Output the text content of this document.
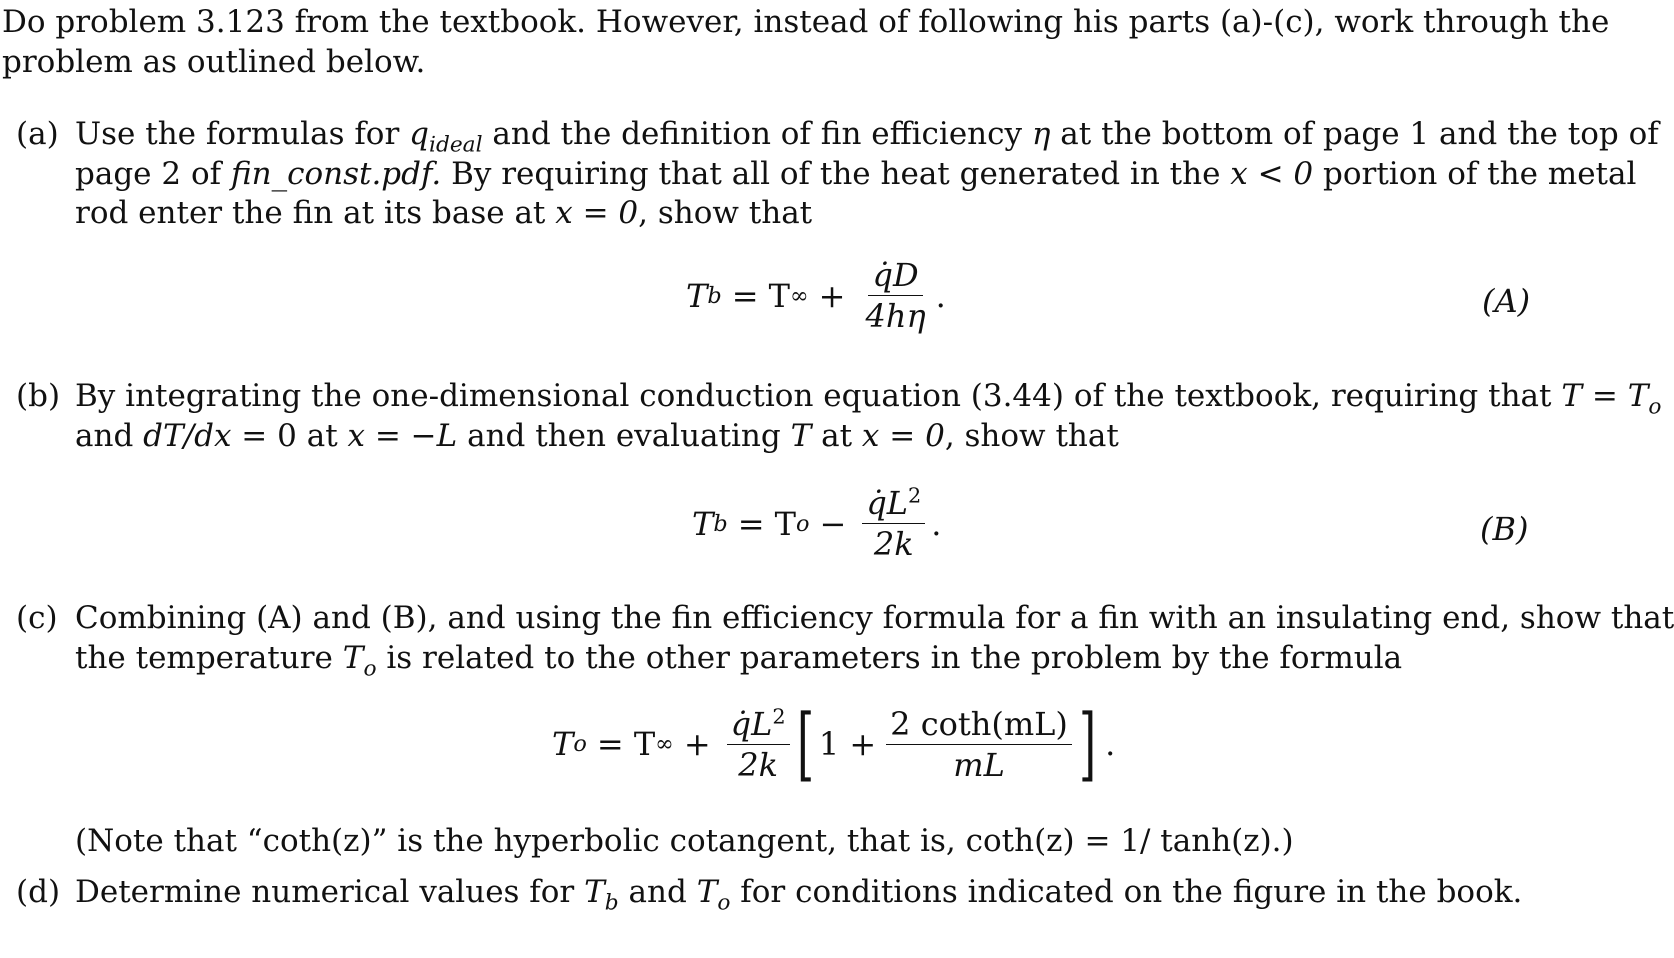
Do problem 3.123 from the textbook. However, instead of following his parts (a)-(c), work through the
problem as outlined below.
(a) Use the formulas for $q_{ideal}$ and the definition of fin efficiency η at the bottom of page 1 and the top of
page 2 of fin_const.pdf. By requiring that all of the heat generated in the x < 0 portion of the metal
rod enter the fin at its base at x = 0, show that
T b = T ∞ + $\frac{q̇D}{4h\eta}$ .	(A)
(b) By integrating the one-dimensional conduction equation (3.44) of the textbook, requiring that $T = T_o$
and dT/dx = 0 at x = −L and then evaluating T at x = 0, show that
T b = T $o - \frac{q̇L^2}{2k}$ .	(B)
(c) Combining (A) and (B), and using the fin efficiency formula for a fin with an insulating end, show that
the temperature $T_o$ is related to the other parameters in the problem by the formula
T o = T ∞ + $\frac{q̇L^2}{2k}$ [ $1 + \frac{2 \cot h(mL)}{mL}$ ] .
(Note that “coth(z)” is the hyperbolic cotangent, that is, coth(z) = 1/ tanh(z).)
(d) Determine numerical values for $T_b$ and $T_o$ for conditions indicated on the figure in the book.
